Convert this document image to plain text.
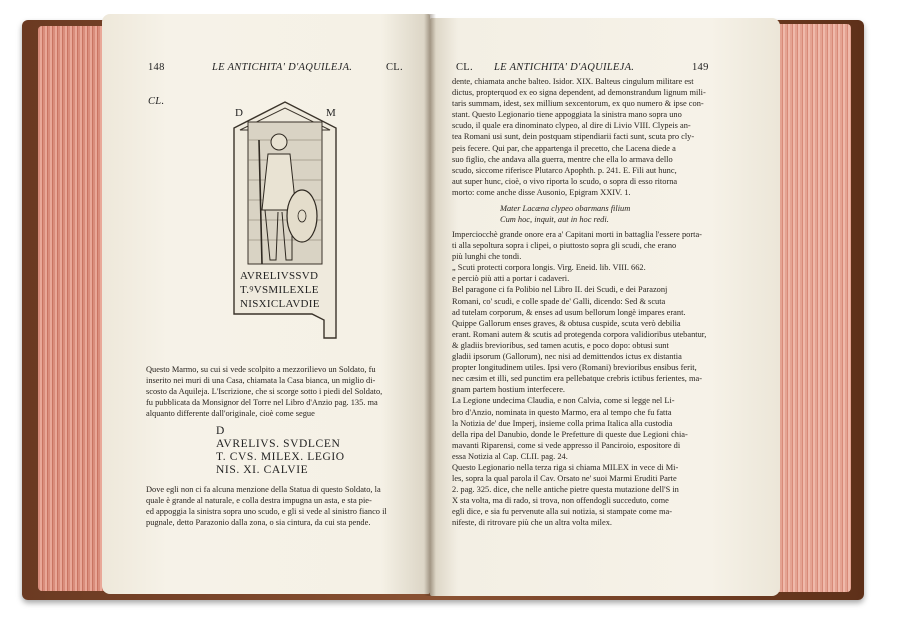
148	LE ANTICHITA' D'AQUILEJA.	CL.
CL.
D	M
AVRELIVSSVD
T.ꝰVSMILEXLE
NISXICLAVDIE
Questo Marmo, su cui si vede scolpito a mezzorilievo un Soldato, fu
inserito nei muri di una Casa, chiamata la Casa bianca, un miglio di-
scosto da Aquileja. L'Iscrizione, che si scorge sotto i piedi del Soldato,
fu pubblicata da Monsignor del Torre nel Libro d'Anzio pag. 135. ma
alquanto differente dall'originale, cioè come segue
D
AVRELIVS. SVDLCEN
T. CVS. MILEX. LEGIO
NIS. XI. CALVIE
Dove egli non ci fa alcuna menzione della Statua di questo Soldato, la
quale è grande al naturale, e colla destra impugna un asta, e sta pie-
ed appoggia la sinistra sopra uno scudo, e gli si vede al sinistro fianco il
pugnale, detto Parazonio dalla zona, o sia cintura, da cui sta pende.
CL. LE ANTICHITA' D'AQUILEJA.	149
dente, chiamata anche balteo. Isidor. XIX. Balteus cingulum militare est
dictus, propterquod ex eo signa dependent, ad demonstrandum lignum mili-
taris summam, idest, sex millium sexcentorum, ex quo numero & ipse con-
stant. Questo Legionario tiene appoggiata la sinistra mano sopra uno
scudo, il quale era dinominato clypeo, al dire di Livio VIII. Clypeis an-
tea Romani usi sunt, dein postquam stipendiarii facti sunt, scuta pro cly-
peis fecere. Qui par, che appartenga il precetto, che Lacena diede a
suo figlio, che andava alla guerra, mentre che ella lo armava dello
scudo, siccome riferisce Plutarco Apophth. p. 241. E. Fili aut hunc,
aut super hunc, cioè, o vivo riporta lo scudo, o sopra di esso ritorna
morto: come anche disse Ausonio, Epigram XXIV. 1.
Mater Lacæna clypeo obarmans filium
Cum hoc, inquit, aut in hoc redi.
Imperciocchè grande onore era a' Capitani morti in battaglia l'essere porta-
ti alla sepoltura sopra i clipei, o piuttosto sopra gli scudi, che erano
più lunghi che tondi.
„ Scuti protecti corpora longis. Virg. Eneid. lib. VIII. 662.
e perciò più atti a portar i cadaveri.
Bel paragone ci fa Polibio nel Libro II. dei Scudi, e dei Parazonj
Romani, co' scudi, e colle spade de' Galli, dicendo: Sed & scuta
ad tutelam corporum, & enses ad usum bellorum longè impares erant.
Quippe Gallorum enses graves, & obtusa cuspide, scuta verò debilia
erant. Romani autem & scutis ad protegenda corpora validioribus utebantur,
& gladiis brevioribus, sed tamen acutis, e poco dopo: obtusi sunt
gladii ipsorum (Gallorum), nec nisi ad demittendos ictus ex distantia
propter longitudinem utiles. Ipsi vero (Romani) brevioribus ensibus ferit,
nec cæsim et illi, sed punctim era pellebatque crebris ictibus ferientes, ma-
gnam partem hostium interfecere.
La Legione undecima Claudia, e non Calvia, come si legge nel Li-
bro d'Anzio, nominata in questo Marmo, era al tempo che fu fatta
la Notizia de' due Imperj, insieme colla prima Italica alla custodia
della ripa del Danubio, donde le Prefetture di queste due Legioni chia-
mavanti Riparensi, come si vede appresso il Panciroio, espositore di
essa Notizia al Cap. CLII. pag. 24.
Questo Legionario nella terza riga si chiama MILEX in vece di Mi-
les, sopra la qual parola il Cav. Orsato ne' suoi Marmi Eruditi Parte
2. pag. 325. dice, che nelle antiche pietre questa mutazione dell'S in
X sta volta, ma di rado, si trova, non offendogli succeduto, come
egli dice, e sia fu pervenute alla sui notizia, si stampate come ma-
nifeste, di ritrovare più che un altra volta milex.
